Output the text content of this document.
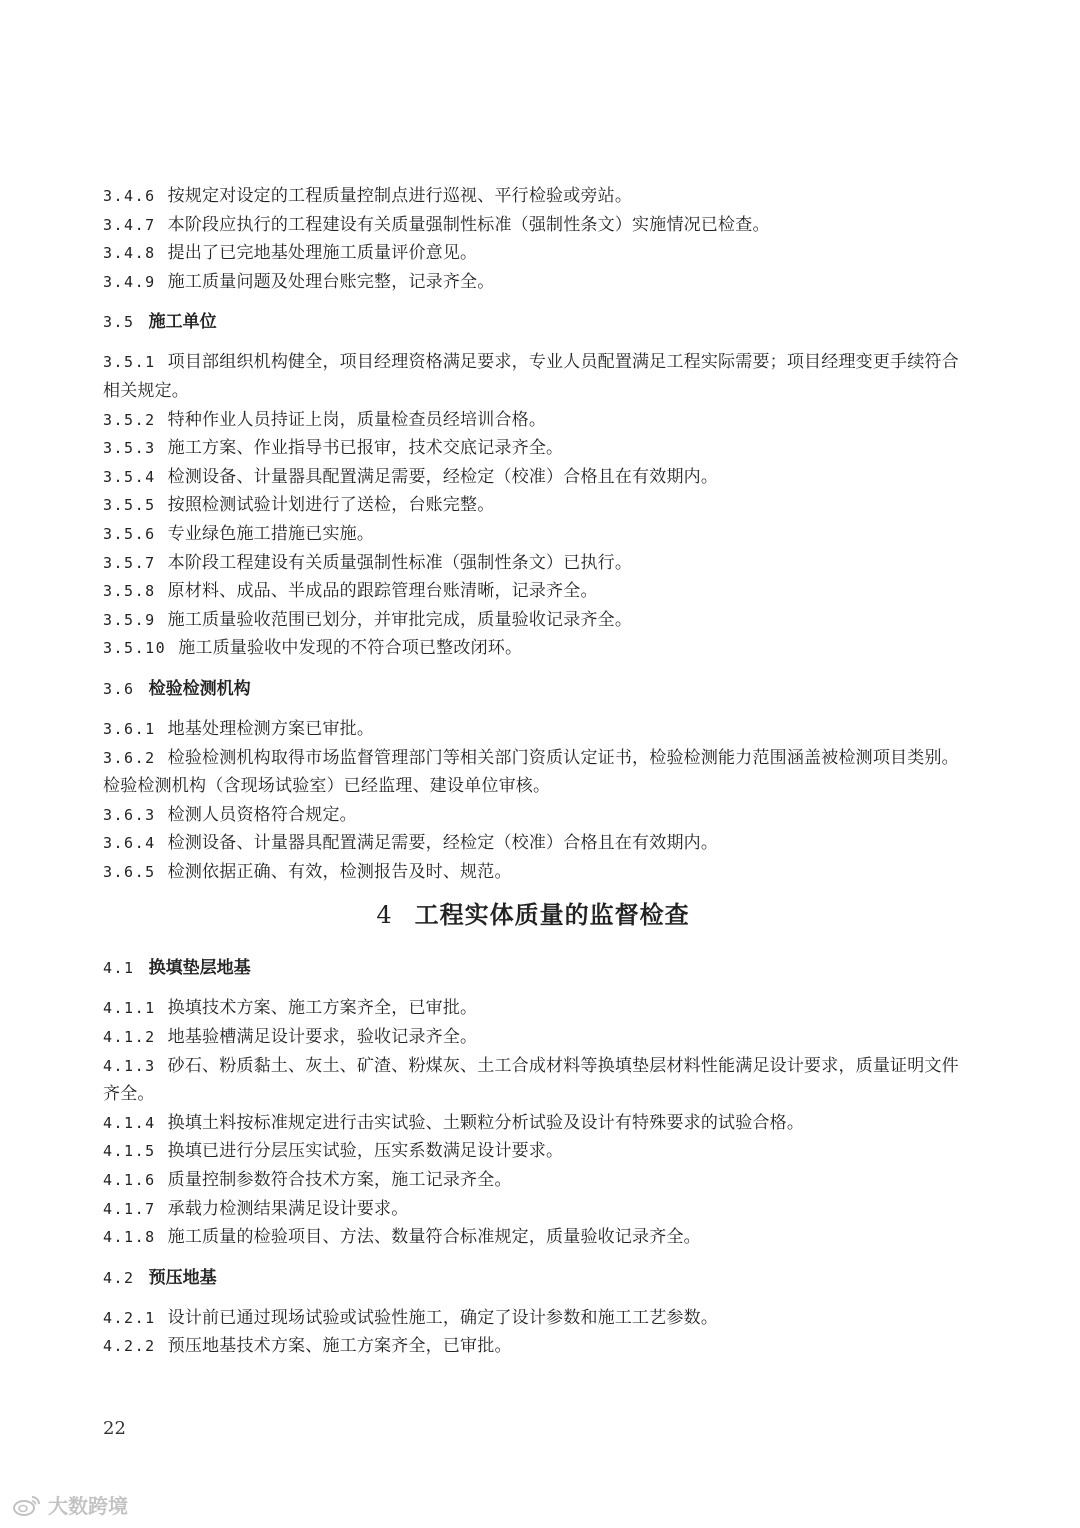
3.4.6 按规定对设定的工程质量控制点进行巡视、平行检验或旁站。

3.4.7 本阶段应执行的工程建设有关质量强制性标准（强制性条文）实施情况已检查。

3.4.8 提出了已完地基处理施工质量评价意见。

3.4.9 施工质量问题及处理台账完整，记录齐全。

3.5 施工单位

3.5.1 项目部组织机构健全，项目经理资格满足要求，专业人员配置满足工程实际需要；项目经理变更手续符合相关规定。

3.5.2 特种作业人员持证上岗，质量检查员经培训合格。

3.5.3 施工方案、作业指导书已报审，技术交底记录齐全。

3.5.4 检测设备、计量器具配置满足需要，经检定（校准）合格且在有效期内。

3.5.5 按照检测试验计划进行了送检，台账完整。

3.5.6 专业绿色施工措施已实施。

3.5.7 本阶段工程建设有关质量强制性标准（强制性条文）已执行。

3.5.8 原材料、成品、半成品的跟踪管理台账清晰，记录齐全。

3.5.9 施工质量验收范围已划分，并审批完成，质量验收记录齐全。

3.5.10 施工质量验收中发现的不符合项已整改闭环。

3.6 检验检测机构

3.6.1 地基处理检测方案已审批。

3.6.2 检验检测机构取得市场监督管理部门等相关部门资质认定证书，检验检测能力范围涵盖被检测项目类别。检验检测机构（含现场试验室）已经监理、建设单位审核。

3.6.3 检测人员资格符合规定。

3.6.4 检测设备、计量器具配置满足需要，经检定（校准）合格且在有效期内。

3.6.5 检测依据正确、有效，检测报告及时、规范。

4 工程实体质量的监督检查
4.1 换填垫层地基

4.1.1 换填技术方案、施工方案齐全，已审批。

4.1.2 地基验槽满足设计要求，验收记录齐全。

4.1.3 砂石、粉质黏土、灰土、矿渣、粉煤灰、土工合成材料等换填垫层材料性能满足设计要求，质量证明文件齐全。

4.1.4 换填土料按标准规定进行击实试验、土颗粒分析试验及设计有特殊要求的试验合格。

4.1.5 换填已进行分层压实试验，压实系数满足设计要求。

4.1.6 质量控制参数符合技术方案，施工记录齐全。

4.1.7 承载力检测结果满足设计要求。

4.1.8 施工质量的检验项目、方法、数量符合标准规定，质量验收记录齐全。

4.2 预压地基

4.2.1 设计前已通过现场试验或试验性施工，确定了设计参数和施工工艺参数。

4.2.2 预压地基技术方案、施工方案齐全，已审批。

22
大数跨境
